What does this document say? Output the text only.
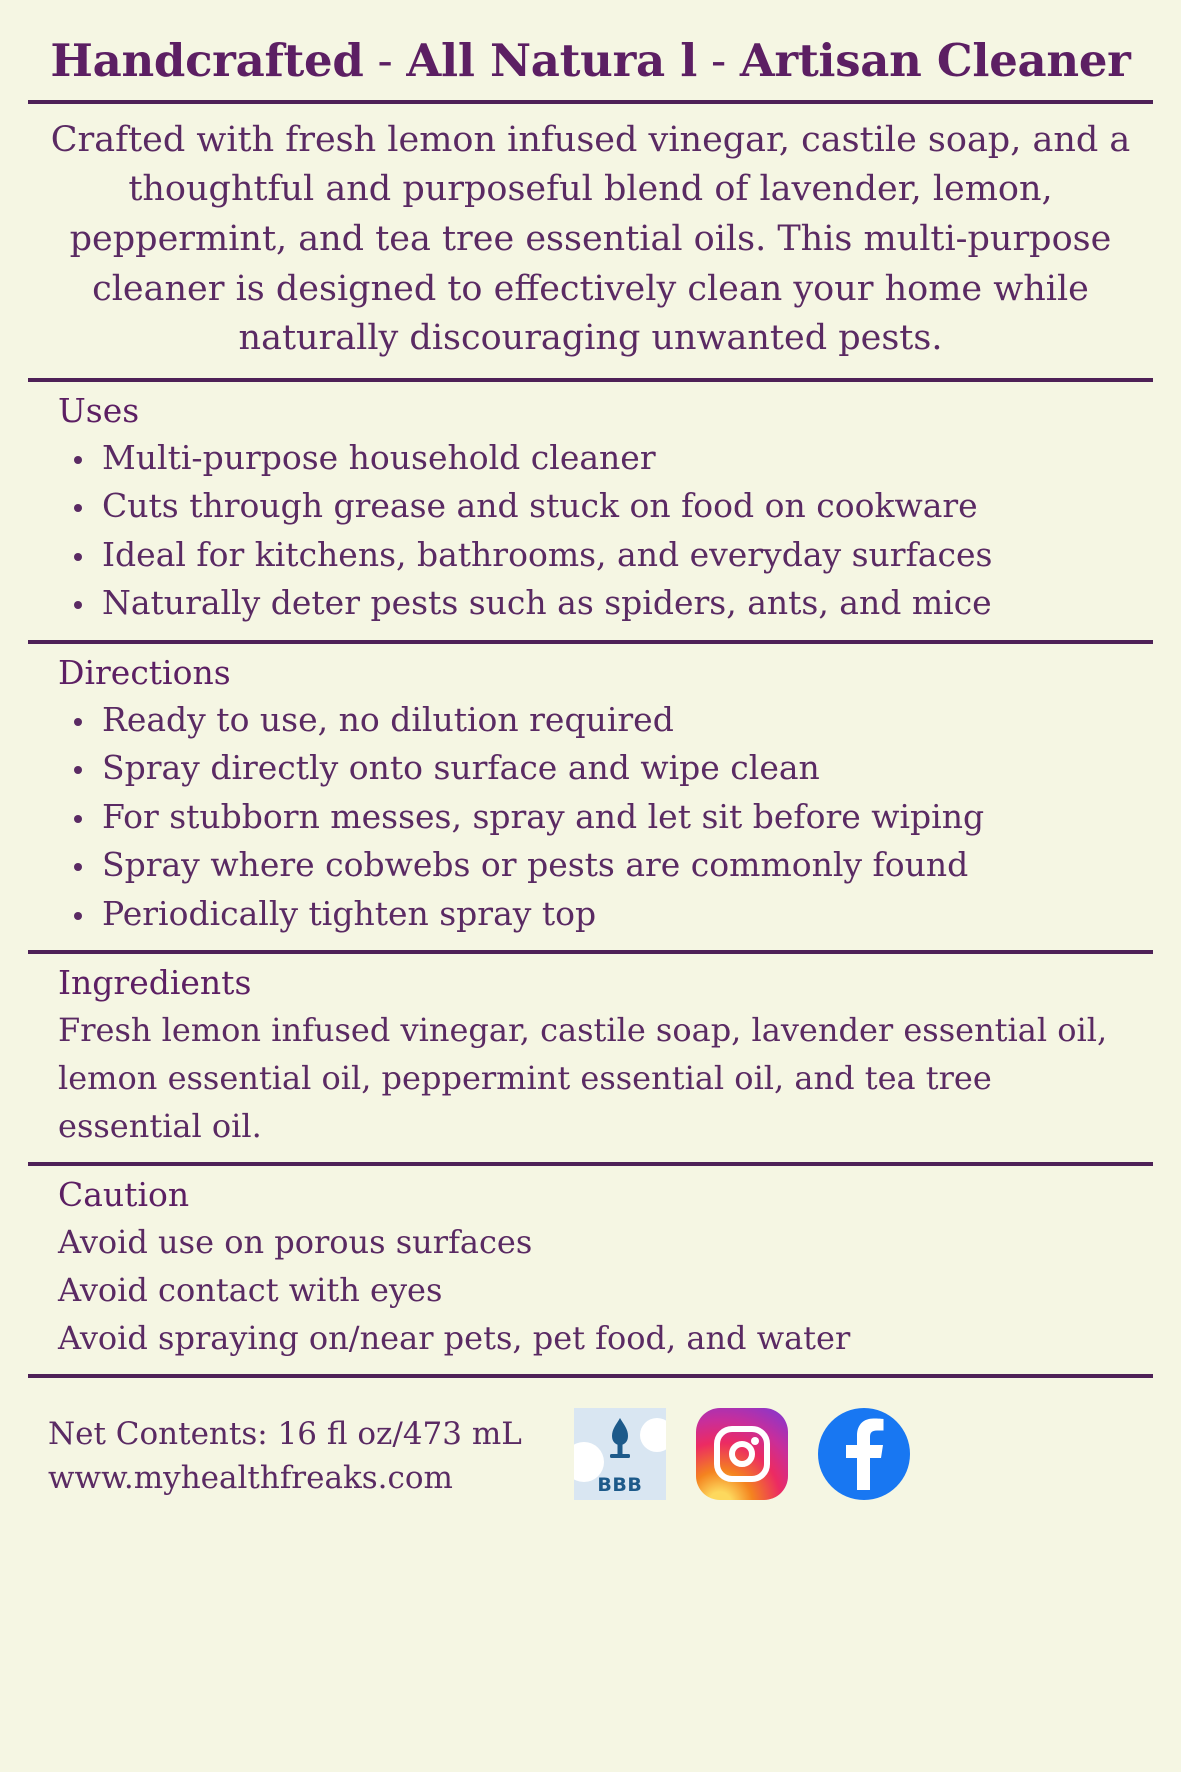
Handcrafted - All Natura l - Artisan Cleaner
Crafted with fresh lemon infused vinegar, castile soap, and a thoughtful and purposeful blend of lavender, lemon, peppermint, and tea tree essential oils. This multi-purpose cleaner is designed to effectively clean your home while naturally discouraging unwanted pests.
Uses
Multi-purpose household cleaner
Cuts through grease and stuck on food on cookware
Ideal for kitchens, bathrooms, and everyday surfaces
Naturally deter pests such as spiders, ants, and mice
Directions
Ready to use, no dilution required
Spray directly onto surface and wipe clean
For stubborn messes, spray and let sit before wiping
Spray where cobwebs or pests are commonly found
Periodically tighten spray top
Ingredients
Fresh lemon infused vinegar, castile soap, lavender essential oil, lemon essential oil, peppermint essential oil, and tea tree essential oil.
Caution
Avoid use on porous surfaces
Avoid contact with eyes
Avoid spraying on/near pets, pet food, and water
Net Contents: 16 fl oz/473 mL
www.myhealthfreaks.com	BBB
